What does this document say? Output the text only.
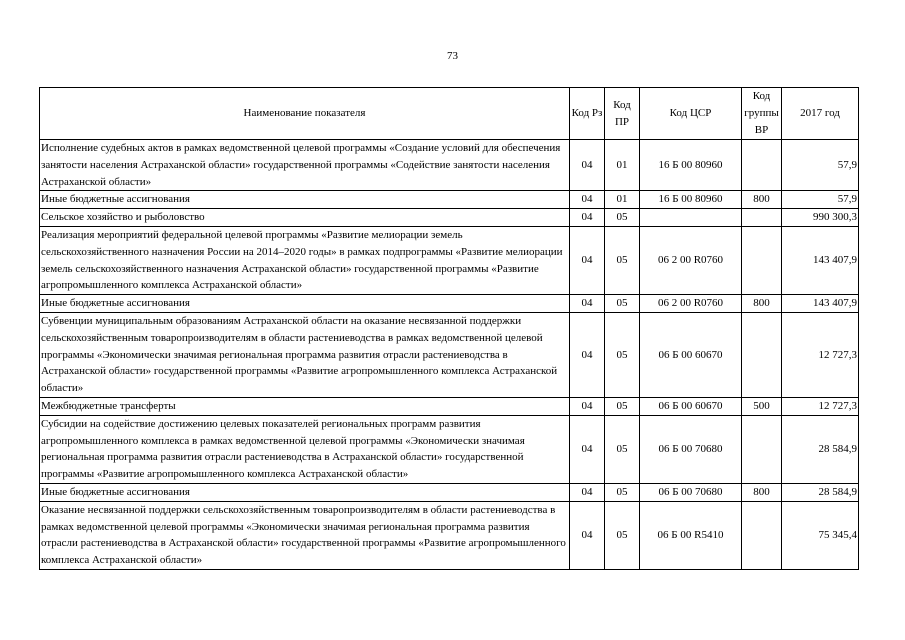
73
Наименование показателя	Код Рз	Код ПР	Код ЦСР	Код группы ВР	2017 год
Исполнение судебных актов в рамках ведомственной целевой программы «Создание условий для обеспечения занятости населения Астраханской области» государственной программы «Содействие занятости населения Астраханской области»	04	01	16 Б 00 80960		57,9
Иные бюджетные ассигнования	04	01	16 Б 00 80960	800	57,9
Сельское хозяйство и рыболовство	04	05			990 300,3
Реализация мероприятий федеральной целевой программы «Развитие мелиорации земель сельскохозяйственного назначения России на 2014–2020 годы» в рамках подпрограммы «Развитие мелиорации земель сельскохозяйственного назначения Астраханской области» государственной программы «Развитие агропромышленного комплекса Астраханской области»	04	05	06 2 00 R0760		143 407,9
Иные бюджетные ассигнования	04	05	06 2 00 R0760	800	143 407,9
Субвенции муниципальным образованиям Астраханской области на оказание несвязанной поддержки сельскохозяйственным товаропроизводителям в области растениеводства в рамках ведомственной целевой программы «Экономически значимая региональная программа развития отрасли растениеводства в Астраханской области» государственной программы «Развитие агропромышленного комплекса Астраханской области»	04	05	06 Б 00 60670		12 727,3
Межбюджетные трансферты	04	05	06 Б 00 60670	500	12 727,3
Субсидии на содействие достижению целевых показателей региональных программ развития агропромышленного комплекса в рамках ведомственной целевой программы «Экономически значимая региональная программа развития отрасли растениеводства в Астраханской области» государственной программы «Развитие агропромышленного комплекса Астраханской области»	04	05	06 Б 00 70680		28 584,9
Иные бюджетные ассигнования	04	05	06 Б 00 70680	800	28 584,9
Оказание несвязанной поддержки сельскохозяйственным товаропроизводителям в области растениеводства в рамках ведомственной целевой программы «Экономически значимая региональная программа развития отрасли растениеводства в Астраханской области» государственной программы «Развитие агропромышленного комплекса Астраханской области»	04	05	06 Б 00 R5410		75 345,4
